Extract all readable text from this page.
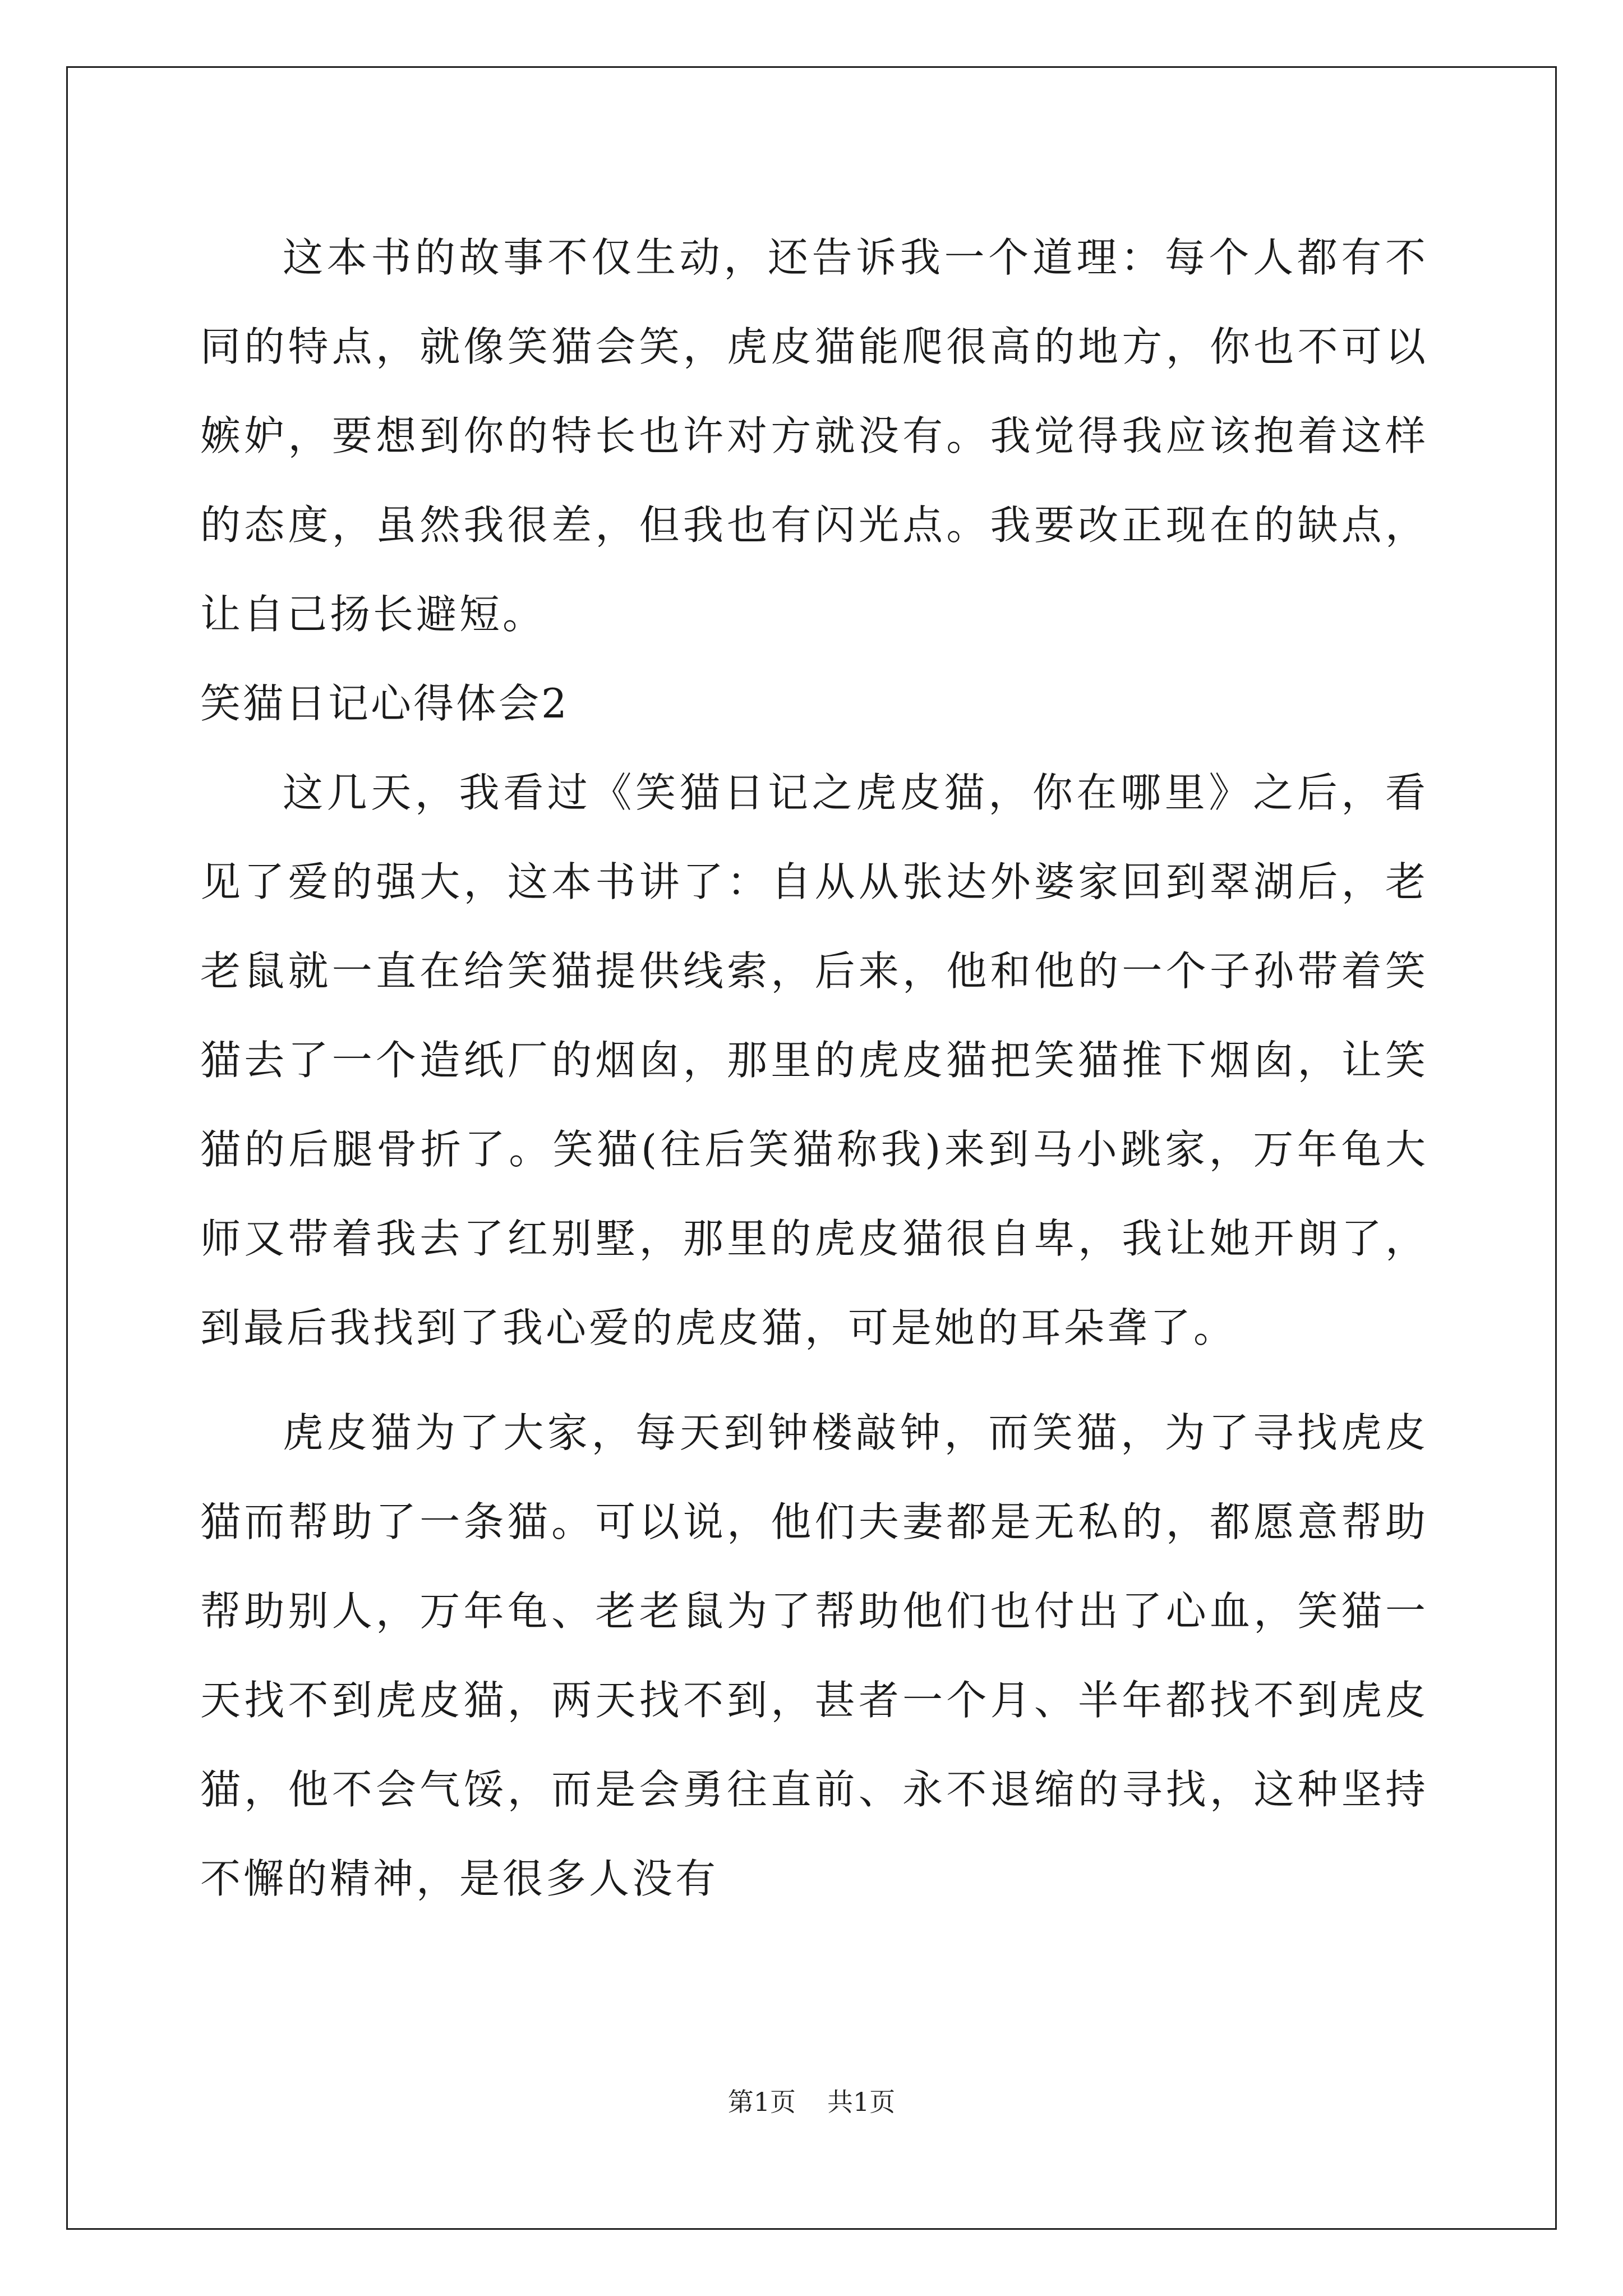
这本书的故事不仅生动，还告诉我一个道理：每个人都有不同的特点，就像笑猫会笑，虎皮猫能爬很高的地方，你也不可以嫉妒，要想到你的特长也许对方就没有。我觉得我应该抱着这样的态度，虽然我很差，但我也有闪光点。我要改正现在的缺点，让自己扬长避短。

笑猫日记心得体会2

这几天，我看过《笑猫日记之虎皮猫，你在哪里》之后，看见了爱的强大，这本书讲了：自从从张达外婆家回到翠湖后，老老鼠就一直在给笑猫提供线索，后来，他和他的一个子孙带着笑猫去了一个造纸厂的烟囱，那里的虎皮猫把笑猫推下烟囱，让笑猫的后腿骨折了。笑猫(往后笑猫称我)来到马小跳家，万年龟大师又带着我去了红别墅，那里的虎皮猫很自卑，我让她开朗了，到最后我找到了我心爱的虎皮猫，可是她的耳朵聋了。

虎皮猫为了大家，每天到钟楼敲钟，而笑猫，为了寻找虎皮猫而帮助了一条猫。可以说，他们夫妻都是无私的，都愿意帮助帮助别人，万年龟、老老鼠为了帮助他们也付出了心血，笑猫一天找不到虎皮猫，两天找不到，甚者一个月、半年都找不到虎皮猫，他不会气馁，而是会勇往直前、永不退缩的寻找，这种坚持不懈的精神，是很多人没有

第1页 共1页
